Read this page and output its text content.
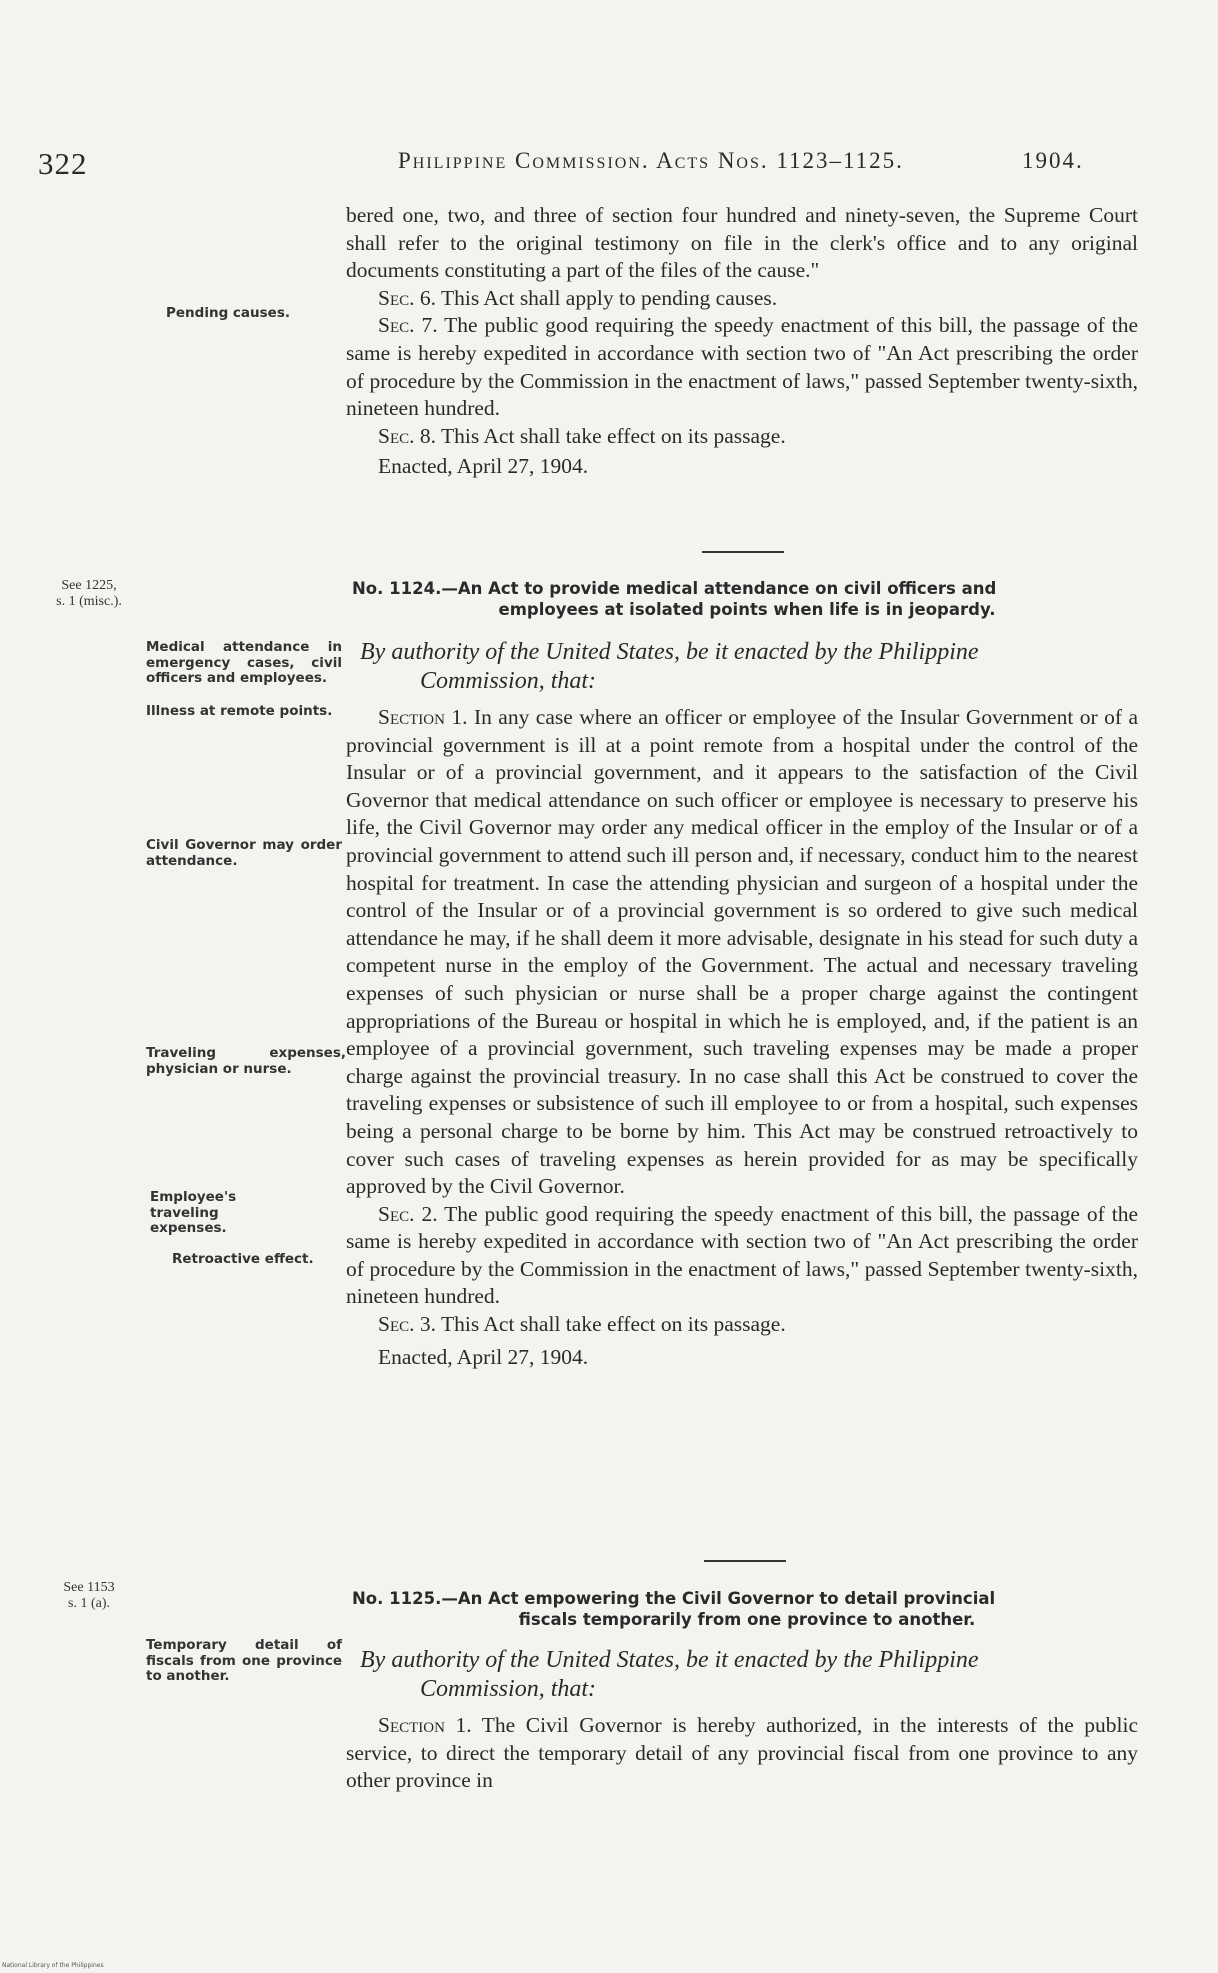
322	Philippine Commission. Acts Nos. 1123–1125.	1904.

bered one, two, and three of section four hundred and ninety-seven, the Supreme Court shall refer to the original testimony on file in the clerk's office and to any original documents constituting a part of the files of the cause."

Sec. 6. This Act shall apply to pending causes.

Sec. 7. The public good requiring the speedy enactment of this bill, the passage of the same is hereby expedited in accordance with section two of "An Act prescribing the order of procedure by the Commission in the enactment of laws," passed September twenty-sixth, nineteen hundred.

Sec. 8. This Act shall take effect on its passage.

Enacted, April 27, 1904.

See 1225,
s. 1 (misc.).
No. 1124.—An Act to provide medical attendance on civil officers and
employees at isolated points when life is in jeopardy.
By authority of the United States, be it enacted by the Philippine
Commission, that:

Section 1. In any case where an officer or employee of the Insular Government or of a provincial government is ill at a point remote from a hospital under the control of the Insular or of a provincial government, and it appears to the satisfaction of the Civil Governor that medical attendance on such officer or employee is necessary to preserve his life, the Civil Governor may order any medical officer in the employ of the Insular or of a provincial government to attend such ill person and, if necessary, conduct him to the nearest hospital for treatment. In case the attending physician and surgeon of a hospital under the control of the Insular or of a provincial government is so ordered to give such medical attendance he may, if he shall deem it more advisable, designate in his stead for such duty a competent nurse in the employ of the Government. The actual and necessary traveling expenses of such physician or nurse shall be a proper charge against the contingent appropriations of the Bureau or hospital in which he is employed, and, if the patient is an employee of a provincial government, such traveling expenses may be made a proper charge against the provincial treasury. In no case shall this Act be construed to cover the traveling expenses or subsistence of such ill employee to or from a hospital, such expenses being a personal charge to be borne by him. This Act may be construed retroactively to cover such cases of traveling expenses as herein provided for as may be specifically approved by the Civil Governor.

Sec. 2. The public good requiring the speedy enactment of this bill, the passage of the same is hereby expedited in accordance with section two of "An Act prescribing the order of procedure by the Commission in the enactment of laws," passed September twenty-sixth, nineteen hundred.

Sec. 3. This Act shall take effect on its passage.

Enacted, April 27, 1904.

See 1153
s. 1 (a).	No. 1125.—An Act empowering the Civil Governor to detail provincial
fiscals temporarily from one province to another.
By authority of the United States, be it enacted by the Philippine
Commission, that:

Section 1. The Civil Governor is hereby authorized, in the interests of the public service, to direct the temporary detail of any provincial fiscal from one province to any other province in

Pending causes.
Medical attendance in emergency cases, civil officers and employees.
Illness at remote points.
Civil Governor may order attendance.
Traveling expenses, physician or nurse.
Employee's traveling expenses.
Retroactive effect.
Temporary detail of fiscals from one province to another.
National Library of the Philippines
